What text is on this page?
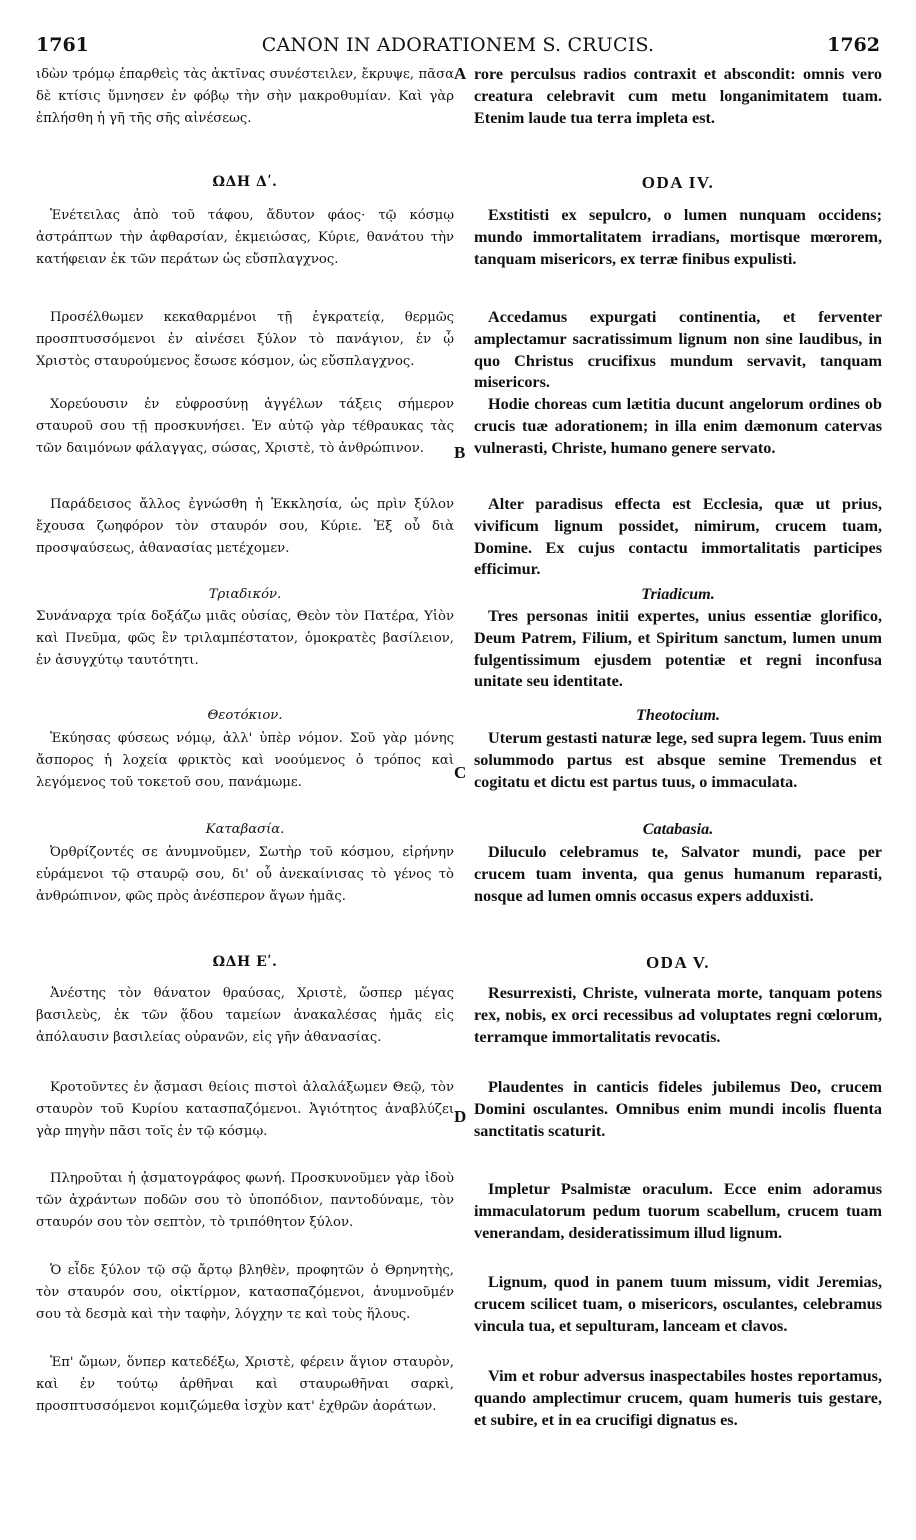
1761	CANON IN ADORATIONEM S. CRUCIS.	1762
ιδὼν τρόμῳ ἐπαρθεὶς τὰς ἀκτῖνας συνέστειλεν, ἔκρυψε, πᾶσα δὲ κτίσις ὕμνησεν ἐν φόβῳ τὴν σὴν μακροθυμίαν. Καὶ γὰρ ἐπλήσθη ἡ γῆ τῆς σῆς αἰνέσεως.
ΩΔΗ Δʹ.
Ἐνέτειλας ἀπὸ τοῦ τάφου, ἄδυτον φάος· τῷ κόσμῳ ἀστράπτων τὴν ἀφθαρσίαν, ἐκμειώσας, Κύριε, θανάτου τὴν κατήφειαν ἐκ τῶν περάτων ὡς εὔσπλαγχνος.
Προσέλθωμεν κεκαθαρμένοι τῇ ἐγκρατείᾳ, θερμῶς προσπτυσσόμενοι ἐν αἰνέσει ξύλον τὸ πανάγιον, ἐν ᾧ Χριστὸς σταυρούμενος ἔσωσε κόσμον, ὡς εὔσπλαγχνος.
Χορεύουσιν ἐν εὐφροσύνῃ ἀγγέλων τάξεις σήμερον σταυροῦ σου τῇ προσκυνήσει. Ἐν αὐτῷ γὰρ τέθραυκας τὰς τῶν δαιμόνων φάλαγγας, σώσας, Χριστὲ, τὸ ἀνθρώπινον.
Παράδεισος ἄλλος ἐγνώσθη ἡ Ἐκκλησία, ὡς πρὶν ξύλον ἔχουσα ζωηφόρον τὸν σταυρόν σου, Κύριε. Ἐξ οὗ διὰ προσψαύσεως, ἀθανασίας μετέχομεν.
Τριαδικόν.
Συνάναρχα τρία δοξάζω μιᾶς οὐσίας, Θεὸν τὸν Πατέρα, Υἱὸν καὶ Πνεῦμα, φῶς ἓν τριλαμπέστατον, ὁμοκρατὲς βασίλειον, ἐν ἀσυγχύτῳ ταυτότητι.
Θεοτόκιον.
Ἐκύησας φύσεως νόμῳ, ἀλλ' ὑπὲρ νόμον. Σοῦ γὰρ μόνης ἄσπορος ἡ λοχεία φρικτὸς καὶ νοούμενος ὁ τρόπος καὶ λεγόμενος τοῦ τοκετοῦ σου, πανάμωμε.
Καταβασία.
Ὀρθρίζοντές σε ἀνυμνοῦμεν, Σωτὴρ τοῦ κόσμου, εἰρήνην εὑράμενοι τῷ σταυρῷ σου, δι' οὗ ἀνεκαίνισας τὸ γένος τὸ ἀνθρώπινον, φῶς πρὸς ἀνέσπερον ἄγων ἡμᾶς.
ΩΔΗ Εʹ.
Ἀνέστης τὸν θάνατον θραύσας, Χριστὲ, ὥσπερ μέγας βασιλεὺς, ἐκ τῶν ᾅδου ταμείων ἀνακαλέσας ἡμᾶς εἰς ἀπόλαυσιν βασιλείας οὐρανῶν, εἰς γῆν ἀθανασίας.
Κροτοῦντες ἐν ᾄσμασι θείοις πιστοὶ ἀλαλάξωμεν Θεῷ, τὸν σταυρὸν τοῦ Κυρίου κατασπαζόμενοι. Ἁγιότητος ἀναβλύζει γὰρ πηγὴν πᾶσι τοῖς ἐν τῷ κόσμῳ.
Πληροῦται ἡ ᾀσματογράφος φωνή. Προσκυνοῦμεν γὰρ ἰδοὺ τῶν ἀχράντων ποδῶν σου τὸ ὑποπόδιον, παντοδύναμε, τὸν σταυρόν σου τὸν σεπτὸν, τὸ τριπόθητον ξύλον.
Ὁ εἶδε ξύλον τῷ σῷ ἄρτῳ βληθὲν, προφητῶν ὁ Θρηνητὴς, τὸν σταυρόν σου, οἰκτίρμον, κατασπαζόμενοι, ἀνυμνοῦμέν σου τὰ δεσμὰ καὶ τὴν ταφὴν, λόγχην τε καὶ τοὺς ἥλους.
Ἐπ' ὤμων, ὅνπερ κατεδέξω, Χριστὲ, φέρειν ἅγιον σταυρὸν, καὶ ἐν τούτῳ ἀρθῆναι καὶ σταυρωθῆναι σαρκὶ, προσπτυσσόμενοι κομιζώμεθα ἰσχὺν κατ' ἐχθρῶν ἀοράτων.
A
B
C
D
rore perculsus radios contraxit et abscondit: omnis vero creatura celebravit cum metu longanimitatem tuam. Etenim laude tua terra impleta est.
ODA IV.
Exstitisti ex sepulcro, o lumen nunquam occidens; mundo immortalitatem irradians, mortisque mœrorem, tanquam misericors, ex terræ finibus expulisti.
Accedamus expurgati continentia, et ferventer amplectamur sacratissimum lignum non sine laudibus, in quo Christus crucifixus mundum servavit, tanquam misericors.
Hodie choreas cum lætitia ducunt angelorum ordines ob crucis tuæ adorationem; in illa enim dæmonum catervas vulnerasti, Christe, humano genere servato.
Alter paradisus effecta est Ecclesia, quæ ut prius, vivificum lignum possidet, nimirum, crucem tuam, Domine. Ex cujus contactu immortalitatis participes efficimur.
Triadicum.
Tres personas initii expertes, unius essentiæ glorifico, Deum Patrem, Filium, et Spiritum sanctum, lumen unum fulgentissimum ejusdem potentiæ et regni inconfusa unitate seu identitate.
Theotocium.
Uterum gestasti naturæ lege, sed supra legem. Tuus enim solummodo partus est absque semine Tremendus et cogitatu et dictu est partus tuus, o immaculata.
Catabasia.
Diluculo celebramus te, Salvator mundi, pace per crucem tuam inventa, qua genus humanum reparasti, nosque ad lumen omnis occasus expers adduxisti.
ODA V.
Resurrexisti, Christe, vulnerata morte, tanquam potens rex, nobis, ex orci recessibus ad voluptates regni cœlorum, terramque immortalitatis revocatis.
Plaudentes in canticis fideles jubilemus Deo, crucem Domini osculantes. Omnibus enim mundi incolis fluenta sanctitatis scaturit.
Impletur Psalmistæ oraculum. Ecce enim adoramus immaculatorum pedum tuorum scabellum, crucem tuam venerandam, desideratissimum illud lignum.
Lignum, quod in panem tuum missum, vidit Jeremias, crucem scilicet tuam, o misericors, osculantes, celebramus vincula tua, et sepulturam, lanceam et clavos.
Vim et robur adversus inaspectabiles hostes reportamus, quando amplectimur crucem, quam humeris tuis gestare, et subire, et in ea crucifigi dignatus es.
